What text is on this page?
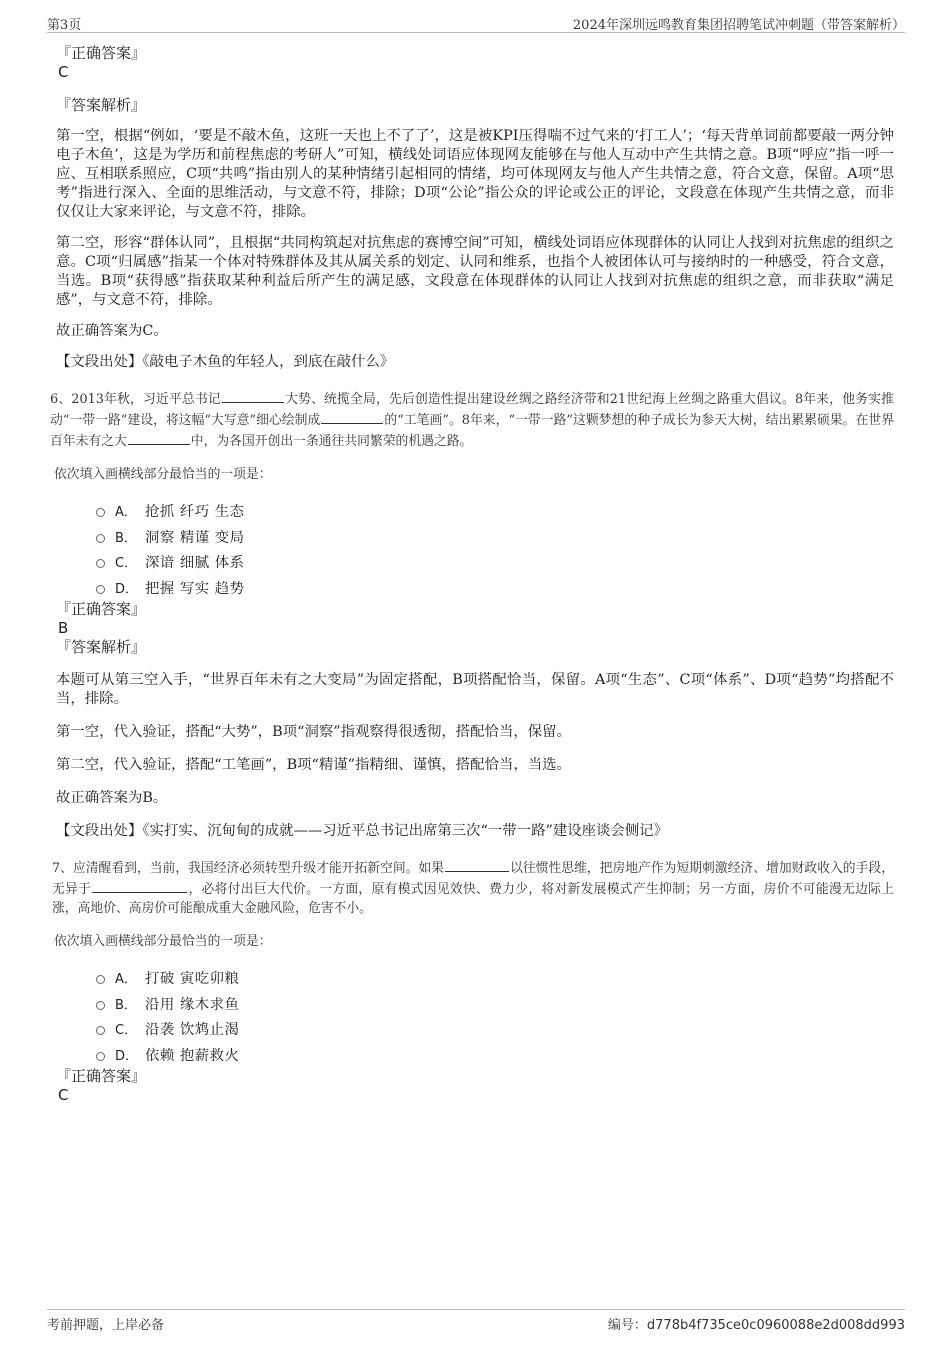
第3页	2024年深圳远鸣教育集团招聘笔试冲刺题（带答案解析）
『正确答案』
C
『答案解析』

第一空，根据“例如，‘要是不敲木鱼，这班一天也上不了了’，这是被KPI压得喘不过气来的‘打工人’；‘每天背单词前都要敲一两分钟电子木鱼’，这是为学历和前程焦虑的考研人”可知，横线处词语应体现网友能够在与他人互动中产生共情之意。B项“呼应”指一呼一应、互相联系照应，C项“共鸣”指由别人的某种情绪引起相同的情绪，均可体现网友与他人产生共情之意，符合文意，保留。A项“思考”指进行深入、全面的思维活动，与文意不符，排除；D项“公论”指公众的评论或公正的评论，文段意在体现产生共情之意，而非仅仅让大家来评论，与文意不符，排除。

第二空，形容“群体认同”，且根据“共同构筑起对抗焦虑的赛博空间”可知，横线处词语应体现群体的认同让人找到对抗焦虑的组织之意。C项“归属感”指某一个体对特殊群体及其从属关系的划定、认同和维系，也指个人被团体认可与接纳时的一种感受，符合文意，当选。B项“获得感”指获取某种利益后所产生的满足感，文段意在体现群体的认同让人找到对抗焦虑的组织之意，而非获取“满足感”，与文意不符，排除。

故正确答案为C。

【文段出处】《敲电子木鱼的年轻人，到底在敲什么》

6、2013年秋，习近平总书记	大势、统揽全局，先后创造性提出建设丝绸之路经济带和21世纪海上丝绸之路重大倡议。8年来，他务实推动“一带一路”建设，将这幅“大写意”细心绘制成	的“工笔画”。8年来，“一带一路”这颗梦想的种子成长为参天大树，结出累累硕果。在世界百年未有之大	中，为各国开创出一条通往共同繁荣的机遇之路。

依次填入画横线部分最恰当的一项是：

A． 抢抓 纤巧 生态
B． 洞察 精谨 变局
C． 深谙 细腻 体系
D． 把握 写实 趋势
『正确答案』
B
『答案解析』

本题可从第三空入手，“世界百年未有之大变局”为固定搭配，B项搭配恰当，保留。A项“生态”、C项“体系”、D项“趋势”均搭配不当，排除。

第一空，代入验证，搭配“大势”，B项“洞察”指观察得很透彻，搭配恰当，保留。

第二空，代入验证，搭配“工笔画”，B项“精谨”指精细、谨慎，搭配恰当，当选。

故正确答案为B。

【文段出处】《实打实、沉甸甸的成就——习近平总书记出席第三次“一带一路”建设座谈会侧记》

7、应清醒看到，当前，我国经济必须转型升级才能开拓新空间。如果	以往惯性思维，把房地产作为短期刺激经济、增加财政收入的手段，无异于	，必将付出巨大代价。一方面，原有模式因见效快、费力少，将对新发展模式产生抑制；另一方面，房价不可能漫无边际上涨，高地价、高房价可能酿成重大金融风险，危害不小。

依次填入画横线部分最恰当的一项是：

A． 打破 寅吃卯粮
B． 沿用 缘木求鱼
C． 沿袭 饮鸩止渴
D． 依赖 抱薪救火
『正确答案』
C
考前押题，上岸必备	编号：d778b4f735ce0c0960088e2d008dd993
